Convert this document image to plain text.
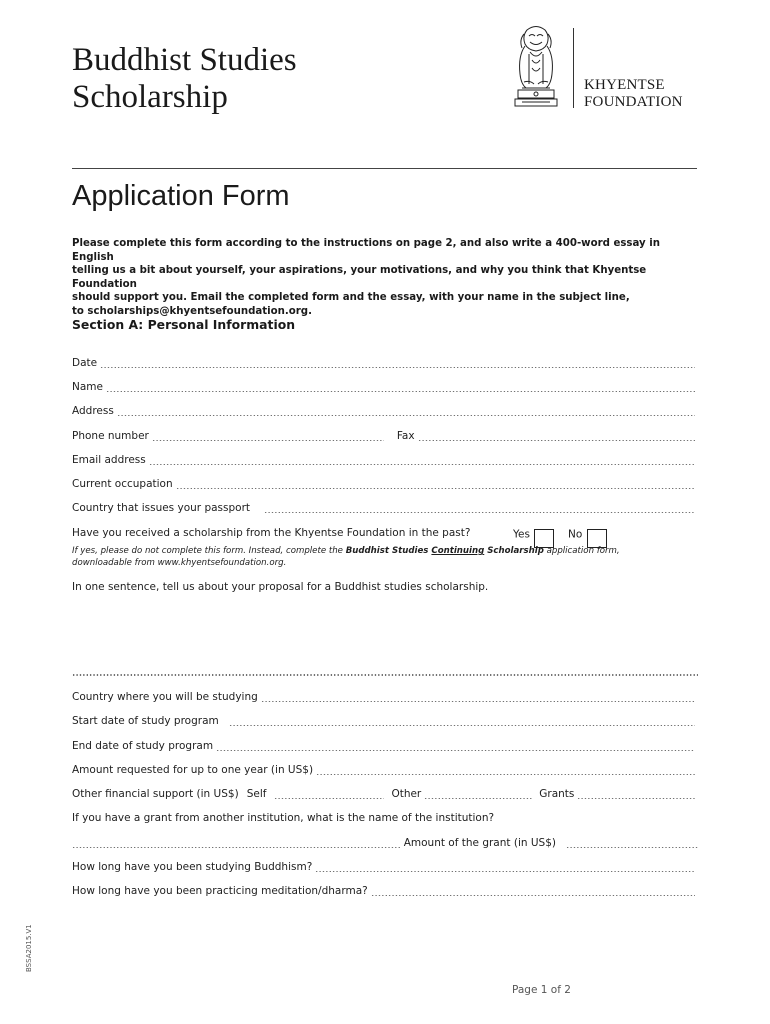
Buddhist Studies
Scholarship	KHYENTSE
FOUNDATION

Application Form

Please complete this form according to the instructions on page 2, and also write a 400-word essay in English
telling us a bit about yourself, your aspirations, your motivations, and why you think that Khyentse Foundation
should support you. Email the completed form and the essay, with your name in the subject line,
to scholarships@khyentsefoundation.org.

Section A: Personal Information
Date
Name
Address
Phone number	Fax
Email address
Current occupation
Country that issues your passport
Have you received a scholarship from the Khyentse Foundation in the past?	Yes	No

If yes, please do not complete this form. Instead, complete the Buddhist Studies Continuing Scholarship application form,
downloadable from www.khyentsefoundation.org.

In one sentence, tell us about your proposal for a Buddhist studies scholarship.

Country where you will be studying
Start date of study program
End date of study program
Amount requested for up to one year (in US$)
Other financial support (in US$) Self	Other	Grants

If you have a grant from another institution, what is the name of the institution?

Amount of the grant (in US$)
How long have you been studying Buddhism?
How long have you been practicing meditation/dharma?
BSSA2015.V1
Page 1 of 2
